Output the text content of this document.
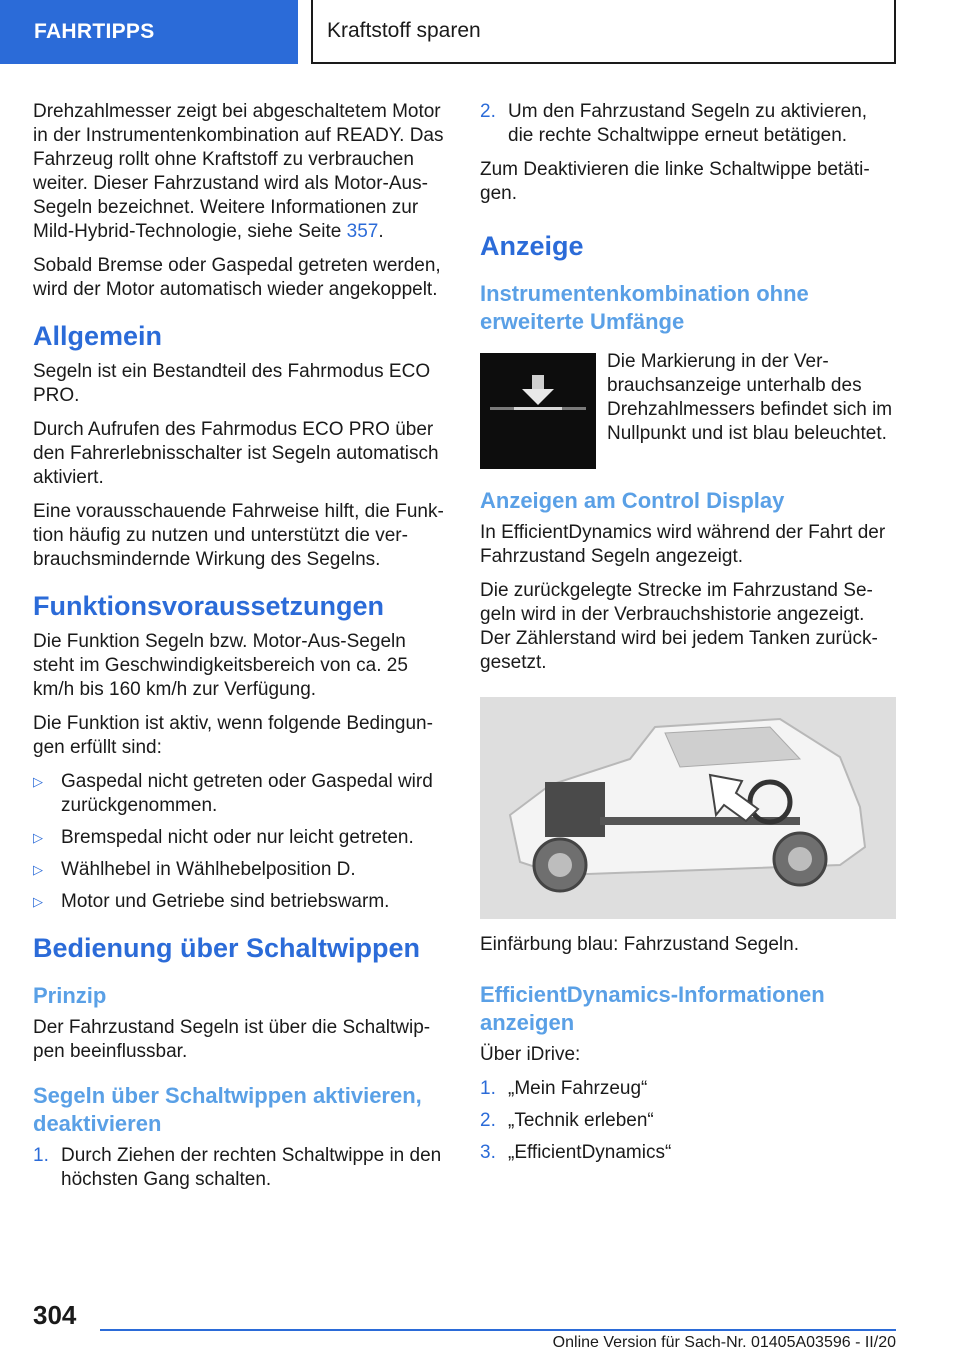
FAHRTIPPS	Kraftstoff sparen

Drehzahlmesser zeigt bei abgeschaltetem Motor in der Instrumentenkombination auf READY. Das Fahrzeug rollt ohne Kraftstoff zu verbrauchen weiter. Dieser Fahrzustand wird als Motor-Aus-Segeln bezeichnet. Weitere Informationen zur Mild-Hybrid-Technologie, siehe Seite 357.

Sobald Bremse oder Gaspedal getreten werden, wird der Motor automatisch wieder angekoppelt.

Allgemein

Segeln ist ein Bestandteil des Fahrmodus ECO PRO.

Durch Aufrufen des Fahrmodus ECO PRO über den Fahrerlebnisschalter ist Segeln automatisch aktiviert.

Eine vorausschauende Fahrweise hilft, die Funk‐tion häufig zu nutzen und unterstützt die ver‐brauchsmindernde Wirkung des Segelns.

Funktionsvoraussetzungen

Die Funktion Segeln bzw. Motor-Aus-Segeln steht im Geschwindigkeitsbereich von ca. 25 km/h bis 160 km/h zur Verfügung.

Die Funktion ist aktiv, wenn folgende Bedingun‐gen erfüllt sind:

▷ Gaspedal nicht getreten oder Gaspedal wird zurückgenommen.
▷ Bremspedal nicht oder nur leicht getreten.
▷ Wählhebel in Wählhebelposition D.
▷ Motor und Getriebe sind betriebswarm.
Bedienung über Schaltwippen
Prinzip

Der Fahrzustand Segeln ist über die Schaltwip‐pen beeinflussbar.

Segeln über Schaltwippen aktivieren, deaktivieren
1. Durch Ziehen der rechten Schaltwippe in den höchsten Gang schalten.
2. Um den Fahrzustand Segeln zu aktivieren, die rechte Schaltwippe erneut betätigen.

Zum Deaktivieren die linke Schaltwippe betäti‐gen.

Anzeige
Instrumentenkombination ohne erweiterte Umfänge

Die Markierung in der Ver‐brauchsanzeige unterhalb des Drehzahlmessers befindet sich im Nullpunkt und ist blau beleuchtet.

Anzeigen am Control Display

In EfficientDynamics wird während der Fahrt der Fahrzustand Segeln angezeigt.

Die zurückgelegte Strecke im Fahrzustand Se‐geln wird in der Verbrauchshistorie angezeigt. Der Zählerstand wird bei jedem Tanken zurück‐gesetzt.

Einfärbung blau: Fahrzustand Segeln.

EfficientDynamics-Informationen anzeigen

Über iDrive:

1. „Mein Fahrzeug“
2. „Technik erleben“
3. „EfficientDynamics“
304
Online Version für Sach-Nr. 01405A03596 - II/20
